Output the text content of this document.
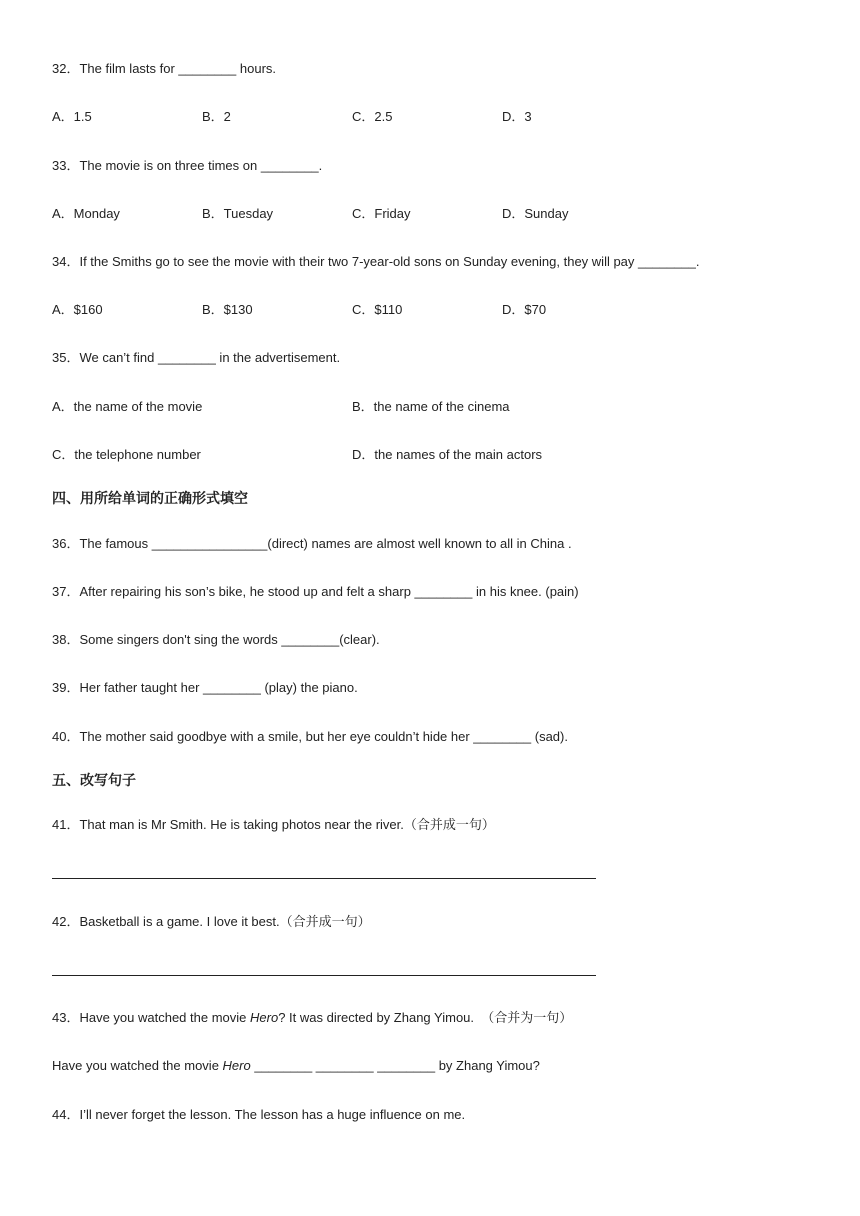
32．The film lasts for ________ hours.
A．1.5	B．2	C．2.5	D．3
33．The movie is on three times on ________.
A．Monday	B．Tuesday	C．Friday	D．Sunday
34．If the Smiths go to see the movie with their two 7-year-old sons on Sunday evening, they will pay ________.
A．$160	B．$130	C．$110	D．$70
35．We can’t find ________ in the advertisement.
A．the name of the movie	B．the name of the cinema
C．the telephone number	D．the names of the main actors
四、用所给单词的正确形式填空
36．The famous ________________(direct) names are almost well known to all in China .
37．After repairing his son’s bike, he stood up and felt a sharp ________ in his knee. (pain)
38．Some singers don't sing the words ________(clear).
39．Her father taught her ________ (play) the piano.
40．The mother said goodbye with a smile, but her eye couldn’t hide her ________ (sad).
五、改写句子
41．That man is Mr Smith. He is taking photos near the river.（合并成一句）
42．Basketball is a game. I love it best.（合并成一句）
43．Have you watched the movie Hero? It was directed by Zhang Yimou.  （合并为一句）
Have you watched the movie Hero ________ ________ ________ by Zhang Yimou?
44．I’ll never forget the lesson. The lesson has a huge influence on me.
